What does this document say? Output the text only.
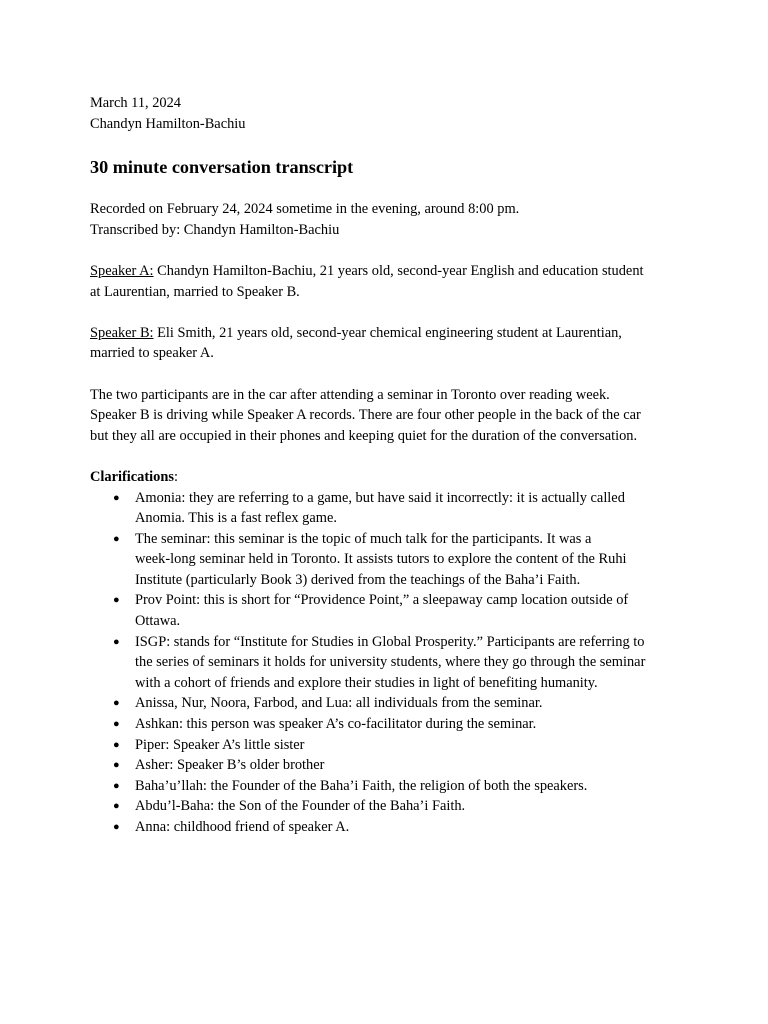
March 11, 2024
Chandyn Hamilton-Bachiu
30 minute conversation transcript
Recorded on February 24, 2024 sometime in the evening, around 8:00 pm.
Transcribed by: Chandyn Hamilton-Bachiu
Speaker A: Chandyn Hamilton-Bachiu, 21 years old, second-year English and education student
at Laurentian, married to Speaker B.
Speaker B: Eli Smith, 21 years old, second-year chemical engineering student at Laurentian,
married to speaker A.
The two participants are in the car after attending a seminar in Toronto over reading week.
Speaker B is driving while Speaker A records. There are four other people in the back of the car
but they all are occupied in their phones and keeping quiet for the duration of the conversation.
Clarifications:
● Amonia: they are referring to a game, but have said it incorrectly: it is actually called
Anomia. This is a fast reflex game.
● The seminar: this seminar is the topic of much talk for the participants. It was a
week-long seminar held in Toronto. It assists tutors to explore the content of the Ruhi
Institute (particularly Book 3) derived from the teachings of the Baha’i Faith.
● Prov Point: this is short for “Providence Point,” a sleepaway camp location outside of
Ottawa.
● ISGP: stands for “Institute for Studies in Global Prosperity.” Participants are referring to
the series of seminars it holds for university students, where they go through the seminar
with a cohort of friends and explore their studies in light of benefiting humanity.
● Anissa, Nur, Noora, Farbod, and Lua: all individuals from the seminar.
● Ashkan: this person was speaker A’s co-facilitator during the seminar.
● Piper: Speaker A’s little sister
● Asher: Speaker B’s older brother
● Baha’u’llah: the Founder of the Baha’i Faith, the religion of both the speakers.
● Abdu’l-Baha: the Son of the Founder of the Baha’i Faith.
● Anna: childhood friend of speaker A.
